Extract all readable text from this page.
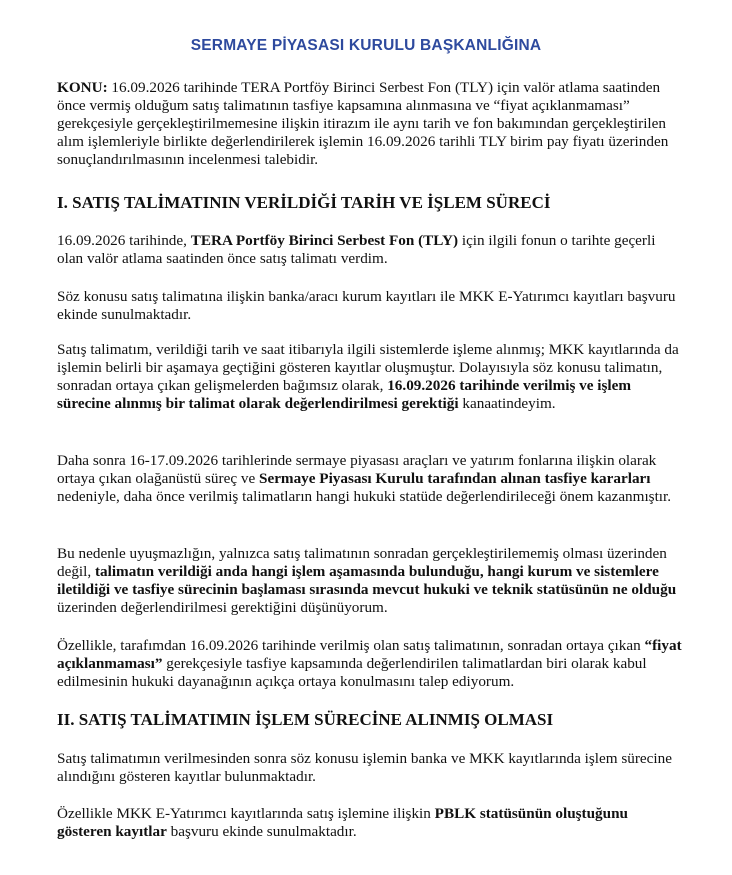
SERMAYE PİYASASI KURULU BAŞKANLIĞINA

KONU: 16.09.2026 tarihinde TERA Portföy Birinci Serbest Fon (TLY) için valör atlama saatinden önce vermiş olduğum satış talimatının tasfiye kapsamına alınmasına ve “fiyat açıklanmaması” gerekçesiyle gerçekleştirilmemesine ilişkin itirazım ile aynı tarih ve fon bakımından gerçekleştirilen alım işlemleriyle birlikte değerlendirilerek işlemin 16.09.2026 tarihli TLY birim pay fiyatı üzerinden sonuçlandırılmasının incelenmesi talebidir.

I. SATIŞ TALİMATININ VERİLDİĞİ TARİH VE İŞLEM SÜRECİ

16.09.2026 tarihinde, TERA Portföy Birinci Serbest Fon (TLY) için ilgili fonun o tarihte geçerli olan valör atlama saatinden önce satış talimatı verdim.

Söz konusu satış talimatına ilişkin banka/aracı kurum kayıtları ile MKK E-Yatırımcı kayıtları başvuru ekinde sunulmaktadır.

Satış talimatım, verildiği tarih ve saat itibarıyla ilgili sistemlerde işleme alınmış; MKK kayıtlarında da işlemin belirli bir aşamaya geçtiğini gösteren kayıtlar oluşmuştur. Dolayısıyla söz konusu talimatın, sonradan ortaya çıkan gelişmelerden bağımsız olarak, 16.09.2026 tarihinde verilmiş ve işlem sürecine alınmış bir talimat olarak değerlendirilmesi gerektiği kanaatindeyim.

Daha sonra 16-17.09.2026 tarihlerinde sermaye piyasası araçları ve yatırım fonlarına ilişkin olarak ortaya çıkan olağanüstü süreç ve Sermaye Piyasası Kurulu tarafından alınan tasfiye kararları nedeniyle, daha önce verilmiş talimatların hangi hukuki statüde değerlendirileceği önem kazanmıştır.

Bu nedenle uyuşmazlığın, yalnızca satış talimatının sonradan gerçekleştirilememiş olması üzerinden değil, talimatın verildiği anda hangi işlem aşamasında bulunduğu, hangi kurum ve sistemlere iletildiği ve tasfiye sürecinin başlaması sırasında mevcut hukuki ve teknik statüsünün ne olduğu üzerinden değerlendirilmesi gerektiğini düşünüyorum.

Özellikle, tarafımdan 16.09.2026 tarihinde verilmiş olan satış talimatının, sonradan ortaya çıkan “fiyat açıklanmaması” gerekçesiyle tasfiye kapsamında değerlendirilen talimatlardan biri olarak kabul edilmesinin hukuki dayanağının açıkça ortaya konulmasını talep ediyorum.

II. SATIŞ TALİMATIMIN İŞLEM SÜRECİNE ALINMIŞ OLMASI

Satış talimatımın verilmesinden sonra söz konusu işlemin banka ve MKK kayıtlarında işlem sürecine alındığını gösteren kayıtlar bulunmaktadır.

Özellikle MKK E-Yatırımcı kayıtlarında satış işlemine ilişkin PBLK statüsünün oluştuğunu gösteren kayıtlar başvuru ekinde sunulmaktadır.
